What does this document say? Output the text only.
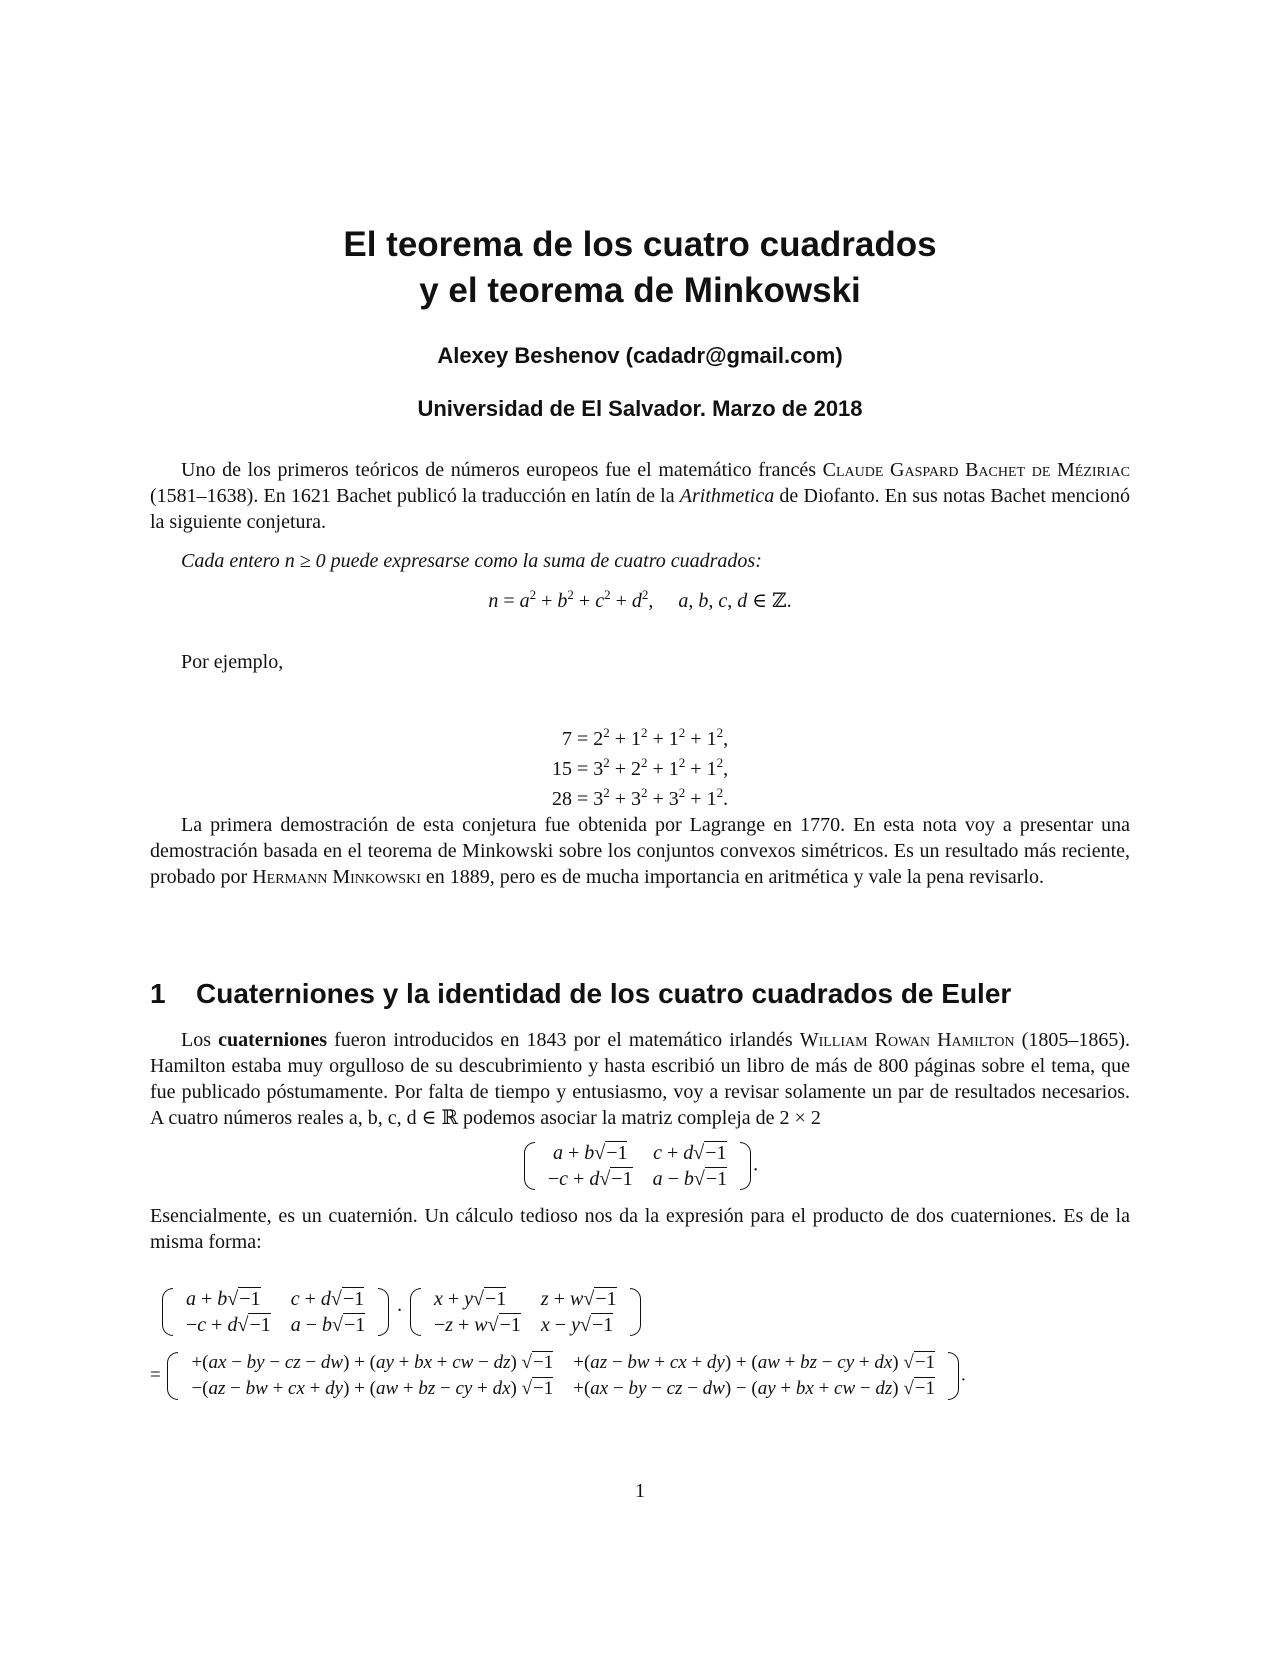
El teorema de los cuatro cuadrados
y el teorema de Minkowski
Alexey Beshenov (cadadr@gmail.com)
Universidad de El Salvador. Marzo de 2018
Uno de los primeros teóricos de números europeos fue el matemático francés Claude Gaspard Bachet de Méziriac (1581–1638). En 1621 Bachet publicó la traducción en latín de la Arithmetica de Diofanto. En sus notas Bachet mencionó la siguiente conjetura.
Cada entero n ≥ 0 puede expresarse como la suma de cuatro cuadrados:
$n = a^2 + b^2 + c^2 + d^2$,     a, b, c, d ∈ ℤ.
Por ejemplo,
7	= $2^2 + 1^2 + 1^2 + 1^2$,
15	= $3^2 + 2^2 + 1^2 + 1^2$,
28	= $3^2 + 3^2 + 3^2 + 1^2$.
La primera demostración de esta conjetura fue obtenida por Lagrange en 1770. En esta nota voy a presentar una demostración basada en el teorema de Minkowski sobre los conjuntos convexos simétricos. Es un resultado más reciente, probado por Hermann Minkowski en 1889, pero es de mucha importancia en aritmética y vale la pena revisarlo.
1 Cuaterniones y la identidad de los cuatro cuadrados de Euler
Los cuaterniones fueron introducidos en 1843 por el matemático irlandés William Rowan Hamilton (1805–1865). Hamilton estaba muy orgulloso de su descubrimiento y hasta escribió un libro de más de 800 páginas sobre el tema, que fue publicado póstumamente. Por falta de tiempo y entusiasmo, voy a revisar solamente un par de resultados necesarios. A cuatro números reales a, b, c, d ∈ ℝ podemos asociar la matriz compleja de 2 × 2
a + b√−1	c + d√−1
−c + d√−1	a − b√−1
.
Esencialmente, es un cuaternión. Un cálculo tedioso nos da la expresión para el producto de dos cuaterniones. Es de la misma forma:
a + b√−1	c + d√−1
−c + d√−1	a − b√−1
·
x + y√−1	z + w√−1
−z + w√−1	x − y√−1
=
+(ax − by − cz − dw) + (ay + bx + cw − dz) √−1	+(az − bw + cx + dy) + (aw + bz − cy + dx) √−1
−(az − bw + cx + dy) + (aw + bz − cy + dx) √−1	+(ax − by − cz − dw) − (ay + bx + cw − dz) √−1
.
1
